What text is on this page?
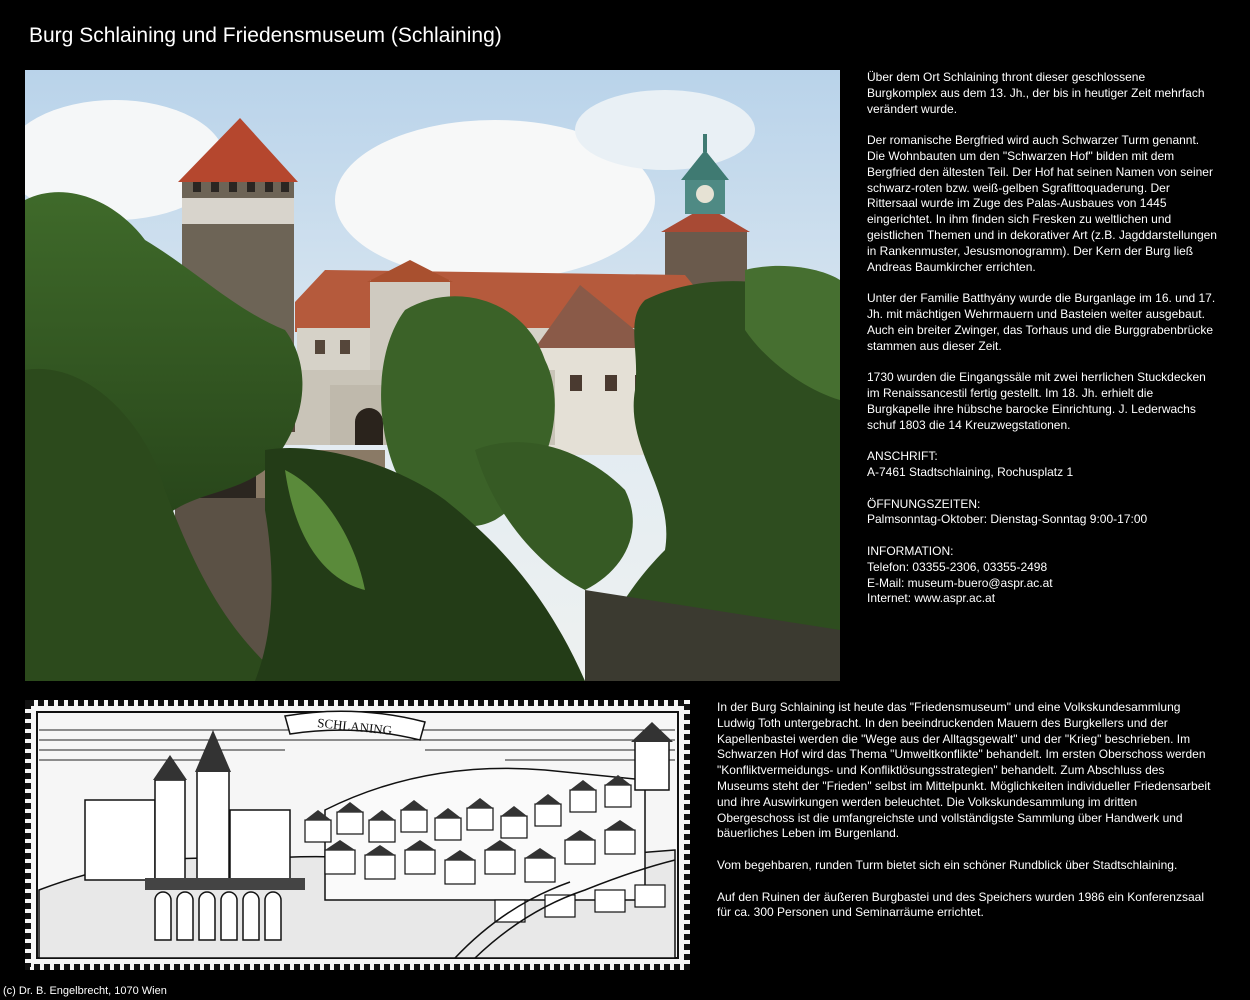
Burg Schlaining und Friedensmuseum (Schlaining)

Über dem Ort Schlaining thront dieser geschlossene Burgkomplex aus dem 13. Jh., der bis in heutiger Zeit mehrfach verändert wurde.

Der romanische Bergfried wird auch Schwarzer Turm genannt. Die Wohnbauten um den "Schwarzen Hof" bilden mit dem Bergfried den ältesten Teil. Der Hof hat seinen Namen von seiner schwarz-roten bzw. weiß-gelben Sgrafittoquaderung. Der Rittersaal wurde im Zuge des Palas-Ausbaues von 1445 eingerichtet. In ihm finden sich Fresken zu weltlichen und geistlichen Themen und in dekorativer Art (z.B. Jagddarstellungen in Rankenmuster, Jesusmonogramm). Der Kern der Burg ließ Andreas Baumkircher errichten.

Unter der Familie Batthyány wurde die Burganlage im 16. und 17. Jh. mit mächtigen Wehrmauern und Basteien weiter ausgebaut. Auch ein breiter Zwinger, das Torhaus und die Burggrabenbrücke stammen aus dieser Zeit.

1730 wurden die Eingangssäle mit zwei herrlichen Stuckdecken im Renaissancestil fertig gestellt. Im 18. Jh. erhielt die Burgkapelle ihre hübsche barocke Einrichtung. J. Lederwachs schuf 1803 die 14 Kreuzwegstationen.

ANSCHRIFT:
A-7461 Stadtschlaining, Rochusplatz 1

ÖFFNUNGSZEITEN:
Palmsonntag-Oktober: Dienstag-Sonntag 9:00-17:00

INFORMATION:
Telefon: 03355-2306, 03355-2498
E-Mail: museum-buero@aspr.ac.at
Internet: www.aspr.ac.at

SCHLANING

In der Burg Schlaining ist heute das "Friedensmuseum" und eine Volkskundesammlung Ludwig Toth untergebracht. In den beeindruckenden Mauern des Burgkellers und der Kapellenbastei werden die "Wege aus der Alltagsgewalt" und der "Krieg" beschrieben. Im Schwarzen Hof wird das Thema "Umweltkonflikte" behandelt. Im ersten Oberschoss werden "Konfliktvermeidungs- und Konfliktlösungsstrategien" behandelt. Zum Abschluss des Museums steht der "Frieden" selbst im Mittelpunkt. Möglichkeiten individueller Friedensarbeit und ihre Auswirkungen werden beleuchtet. Die Volkskundesammlung im dritten Obergeschoss ist die umfangreichste und vollständigste Sammlung über Handwerk und bäuerliches Leben im Burgenland.

Vom begehbaren, runden Turm bietet sich ein schöner Rundblick über Stadtschlaining.

Auf den Ruinen der äußeren Burgbastei und des Speichers wurden 1986 ein Konferenzsaal für ca. 300 Personen und Seminarräume errichtet.

(c) Dr. B. Engelbrecht, 1070 Wien
